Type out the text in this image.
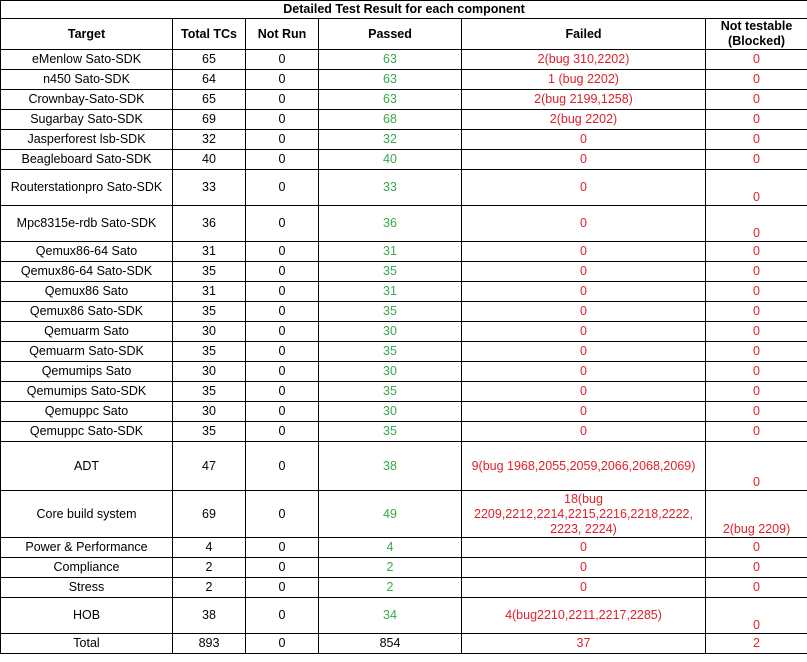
Detailed Test Result for each component					
Target	Total TCs	Not Run	Passed	Failed	Not testable (Blocked)
eMenlow Sato-SDK	65	0	63	2(bug 310,2202)	0
n450 Sato-SDK	64	0	63	1 (bug 2202)	0
Crownbay-Sato-SDK	65	0	63	2(bug 2199,1258)	0
Sugarbay Sato-SDK	69	0	68	2(bug 2202)	0
Jasperforest lsb-SDK	32	0	32	0	0
Beagleboard Sato-SDK	40	0	40	0	0
Routerstationpro Sato-SDK	33	0	33	0	0
Mpc8315e-rdb Sato-SDK	36	0	36	0	0
Qemux86-64 Sato	31	0	31	0	0
Qemux86-64 Sato-SDK	35	0	35	0	0
Qemux86 Sato	31	0	31	0	0
Qemux86 Sato-SDK	35	0	35	0	0
Qemuarm Sato	30	0	30	0	0
Qemuarm Sato-SDK	35	0	35	0	0
Qemumips Sato	30	0	30	0	0
Qemumips Sato-SDK	35	0	35	0	0
Qemuppc Sato	30	0	30	0	0
Qemuppc Sato-SDK	35	0	35	0	0
ADT	47	0	38	9(bug 1968,2055,2059,2066,2068,2069)	0
Core build system	69	0	49	18(bug 2209,2212,2214,2215,2216,2218,2222, 2223, 2224)	2(bug 2209)
Power & Performance	4	0	4	0	0
Compliance	2	0	2	0	0
Stress	2	0	2	0	0
HOB	38	0	34	4(bug2210,2211,2217,2285)	0
Total	893	0	854	37	2
